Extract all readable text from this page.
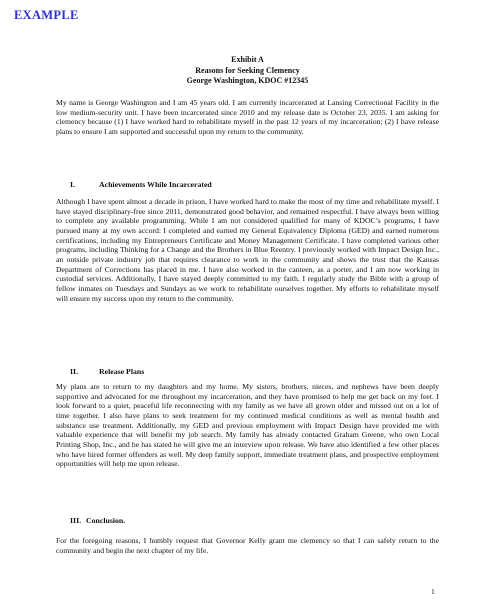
EXAMPLE
Exhibit A
Reasons for Seeking Clemency
George Washington, KDOC #12345
My name is George Washington and I am 45 years old. I am currently incarcerated at Lansing Correctional Facility in the low medium-security unit. I have been incarcerated since 2010 and my release date is October 23, 2035. I am asking for clemency because (1) I have worked hard to rehabilitate myself in the past 12 years of my incarceration; (2) I have release plans to ensure I am supported and successful upon my return to the community.
I.	Achievements While Incarcerated
Although I have spent almost a decade in prison, I have worked hard to make the most of my time and rehabilitate myself. I have stayed disciplinary-free since 2011, demonstrated good behavior, and remained respectful. I have always been willing to complete any available programming. While I am not considered qualified for many of KDOC’s programs, I have pursued many at my own accord: I completed and earned my General Equivalency Diploma (GED) and earned numerous certifications, including my Entrepreneurs Certificate and Money Management Certificate. I have completed various other programs, including Thinking for a Change and the Brothers in Blue Reentry. I previously worked with Impact Design Inc., an outside private industry job that requires clearance to work in the community and shows the trust that the Kansas Department of Corrections has placed in me. I have also worked in the canteen, as a porter, and I am now working in custodial services. Additionally, I have stayed deeply committed to my faith. I regularly study the Bible with a group of fellow inmates on Tuesdays and Sundays as we work to rehabilitate ourselves together. My efforts to rehabilitate myself will ensure my success upon my return to the community.
II.	Release Plans
My plans are to return to my daughters and my home. My sisters, brothers, nieces, and nephews have been deeply supportive and advocated for me throughout my incarceration, and they have promised to help me get back on my feet. I look forward to a quiet, peaceful life reconnecting with my family as we have all grown older and missed out on a lot of time together. I also have plans to seek treatment for my continued medical conditions as well as mental health and substance use treatment. Additionally, my GED and previous employment with Impact Design have provided me with valuable experience that will benefit my job search. My family has already contacted Graham Greene, who own Local Printing Shop, Inc., and he has stated he will give me an interview upon release. We have also identified a few other places who have hired former offenders as well. My deep family support, immediate treatment plans, and prospective employment opportunities will help me upon release.
III. Conclusion.
For the foregoing reasons, I humbly request that Governor Kelly grant me clemency so that I can safely return to the community and begin the next chapter of my life.
1
